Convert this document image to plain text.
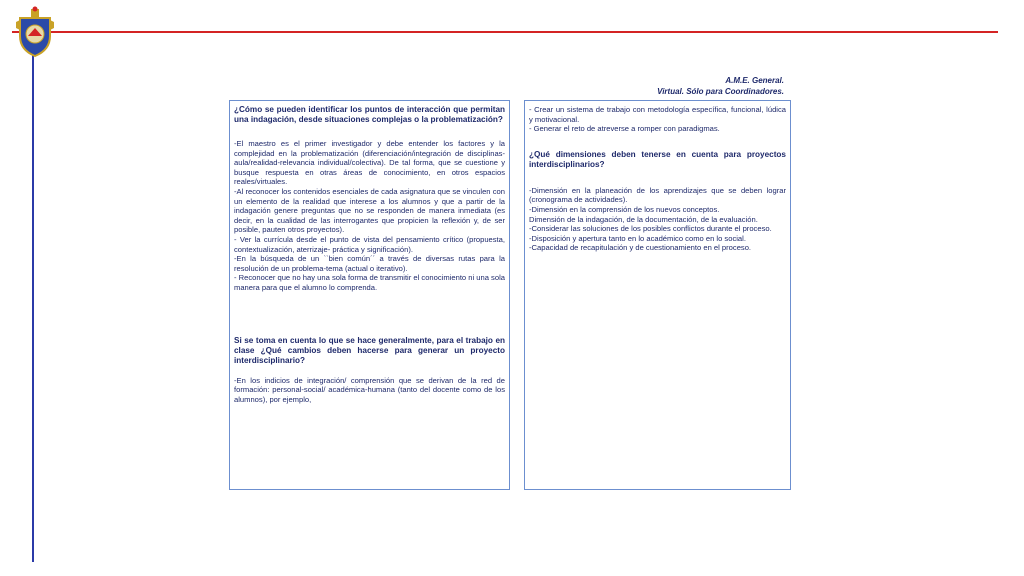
A.M.E. General.
Virtual. Sólo para Coordinadores.

¿Cómo se pueden identificar los puntos de interacción que permitan una indagación, desde situaciones complejas o la problematización?

-El maestro es el primer investigador y debe entender los factores y la complejidad en la problematización (diferenciación/integración de disciplinas- aula/realidad-relevancia individual/colectiva). De tal forma, que se cuestione y busque respuesta en otras áreas de conocimiento, en otros espacios reales/virtuales.

-Al reconocer los contenidos esenciales de cada asignatura que se vinculen con un elemento de la realidad que interese a los alumnos y que a partir de la indagación genere preguntas que no se responden de manera inmediata (es decir, en la cualidad de las interrogantes que propicien la reflexión y, de ser posible, pauten otros proyectos).

- Ver la currícula desde el punto de vista del pensamiento crítico (propuesta, contextualización, aterrizaje- práctica y significación).

-En la búsqueda de un ``bien común´´ a través de diversas rutas para la resolución de un problema-tema (actual o iterativo).

- Reconocer que no hay una sola forma de transmitir el conocimiento ni una sola manera para que el alumno lo comprenda.

Si se toma en cuenta lo que se hace generalmente, para el trabajo en clase ¿Qué cambios deben hacerse para generar un proyecto interdisciplinario?

-En los indicios de integración/ comprensión que se derivan de la red de formación: personal-social/ académica-humana (tanto del docente como de los alumnos), por ejemplo,

- Crear un sistema de trabajo con metodología específica, funcional, lúdica y motivacional.

- Generar el reto de atreverse a romper con paradigmas.

¿Qué dimensiones deben tenerse en cuenta para proyectos interdisciplinarios?

-Dimensión en la planeación de los aprendizajes que se deben lograr (cronograma de actividades).

-Dimensión en la comprensión de los nuevos conceptos.

Dimensión de la indagación, de la documentación, de la evaluación.

-Considerar las soluciones de los posibles conflictos durante el proceso.

-Disposición y apertura tanto en lo académico como en lo social.

-Capacidad de recapitulación y de cuestionamiento en el proceso.
